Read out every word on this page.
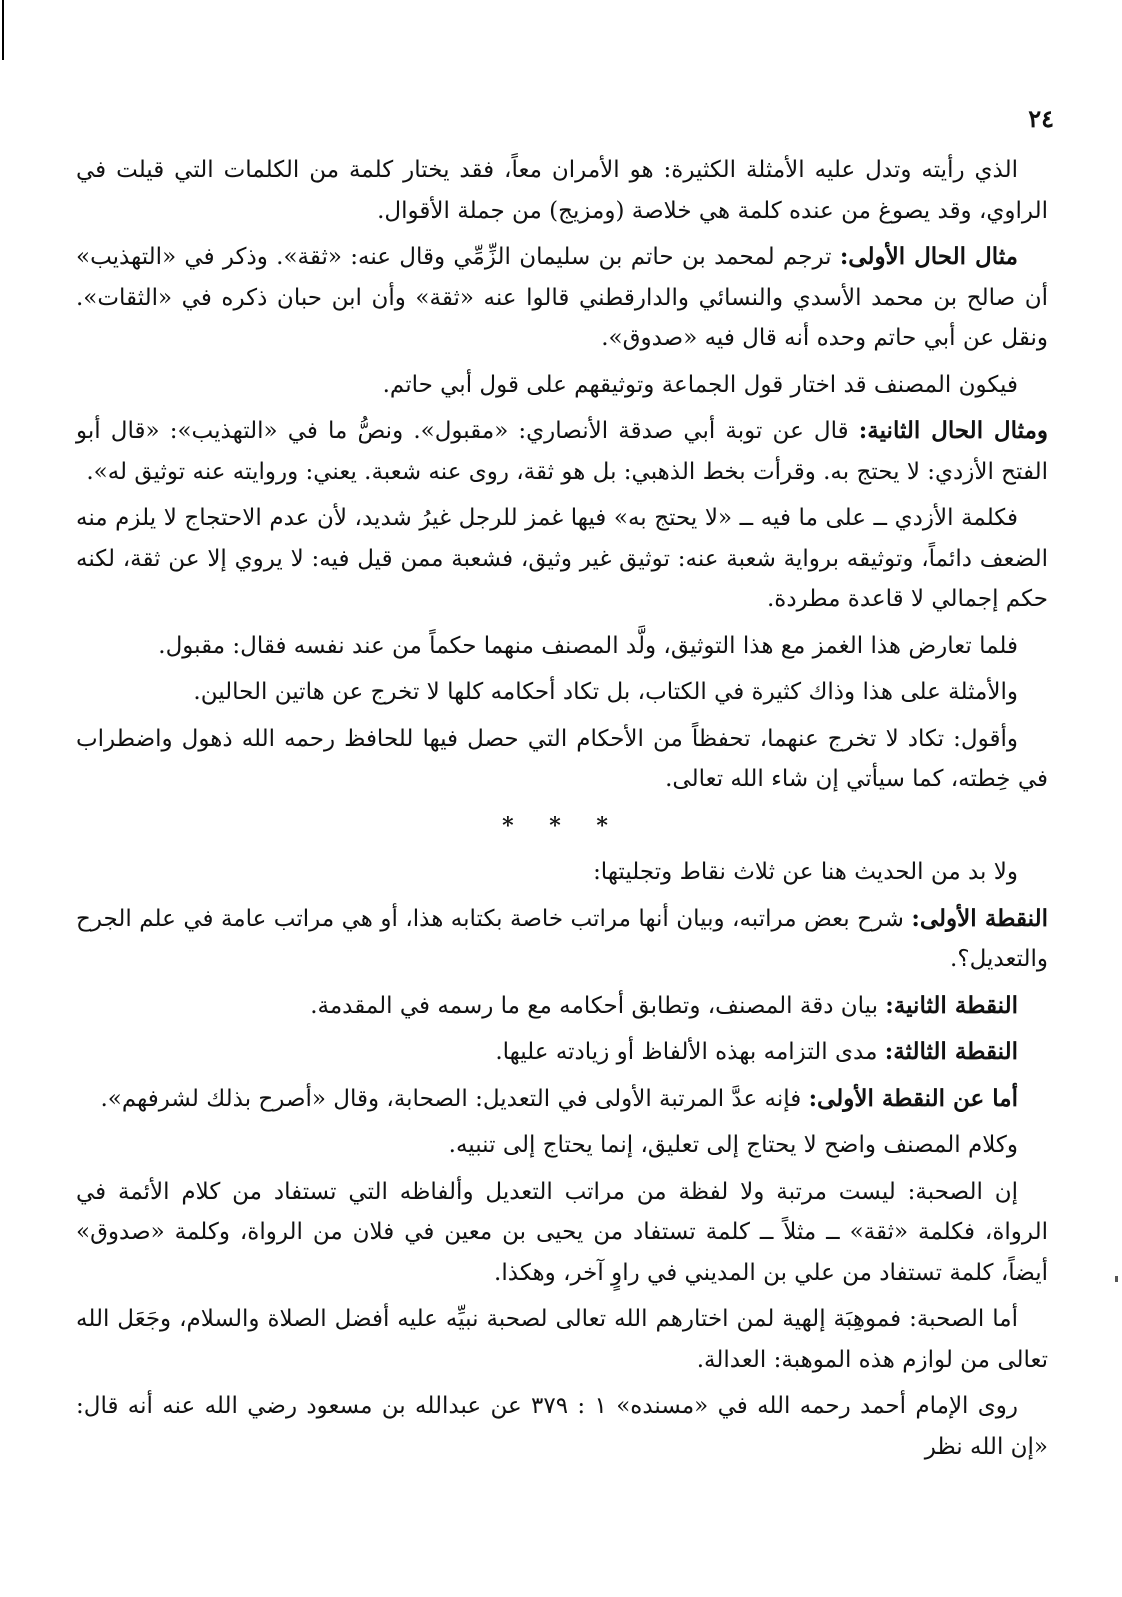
٢٤

الذي رأيته وتدل عليه الأمثلة الكثيرة: هو الأمران معاً، فقد يختار كلمة من الكلمات التي قيلت في الراوي، وقد يصوغ من عنده كلمة هي خلاصة (ومزيج) من جملة الأقوال.

مثال الحال الأولى: ترجم لمحمد بن حاتم بن سليمان الزِّمِّي وقال عنه: «ثقة». وذكر في «التهذيب» أن صالح بن محمد الأسدي والنسائي والدارقطني قالوا عنه «ثقة» وأن ابن حبان ذكره في «الثقات». ونقل عن أبي حاتم وحده أنه قال فيه «صدوق».

فيكون المصنف قد اختار قول الجماعة وتوثيقهم على قول أبي حاتم.

ومثال الحال الثانية: قال عن توبة أبي صدقة الأنصاري: «مقبول». ونصُّ ما في «التهذيب»: «قال أبو الفتح الأزدي: لا يحتج به. وقرأت بخط الذهبي: بل هو ثقة، روى عنه شعبة. يعني: وروايته عنه توثيق له».

فكلمة الأزدي ــ على ما فيه ــ «لا يحتج به» فيها غمز للرجل غيرُ شديد، لأن عدم الاحتجاج لا يلزم منه الضعف دائماً، وتوثيقه برواية شعبة عنه: توثيق غير وثيق، فشعبة ممن قيل فيه: لا يروي إلا عن ثقة، لكنه حكم إجمالي لا قاعدة مطردة.

فلما تعارض هذا الغمز مع هذا التوثيق، ولَّد المصنف منهما حكماً من عند نفسه فقال: مقبول.

والأمثلة على هذا وذاك كثيرة في الكتاب، بل تكاد أحكامه كلها لا تخرج عن هاتين الحالين.

وأقول: تكاد لا تخرج عنهما، تحفظاً من الأحكام التي حصل فيها للحافظ رحمه الله ذهول واضطراب في خِطته، كما سيأتي إن شاء الله تعالى.

* * *

ولا بد من الحديث هنا عن ثلاث نقاط وتجليتها:

النقطة الأولى: شرح بعض مراتبه، وبيان أنها مراتب خاصة بكتابه هذا، أو هي مراتب عامة في علم الجرح والتعديل؟.

النقطة الثانية: بيان دقة المصنف، وتطابق أحكامه مع ما رسمه في المقدمة.

النقطة الثالثة: مدى التزامه بهذه الألفاظ أو زيادته عليها.

أما عن النقطة الأولى: فإنه عدَّ المرتبة الأولى في التعديل: الصحابة، وقال «أصرح بذلك لشرفهم».

وكلام المصنف واضح لا يحتاج إلى تعليق، إنما يحتاج إلى تنبيه.

إن الصحبة: ليست مرتبة ولا لفظة من مراتب التعديل وألفاظه التي تستفاد من كلام الأئمة في الرواة، فكلمة «ثقة» ــ مثلاً ــ كلمة تستفاد من يحيى بن معين في فلان من الرواة، وكلمة «صدوق» أيضاً، كلمة تستفاد من علي بن المديني في راوٍ آخر، وهكذا.

أما الصحبة: فموهِبَة إلهية لمن اختارهم الله تعالى لصحبة نبيِّه عليه أفضل الصلاة والسلام، وجَعَل الله تعالى من لوازم هذه الموهبة: العدالة.

روى الإمام أحمد رحمه الله في «مسنده» ١ : ٣٧٩ عن عبدالله بن مسعود رضي الله عنه أنه قال: «إن الله نظر
